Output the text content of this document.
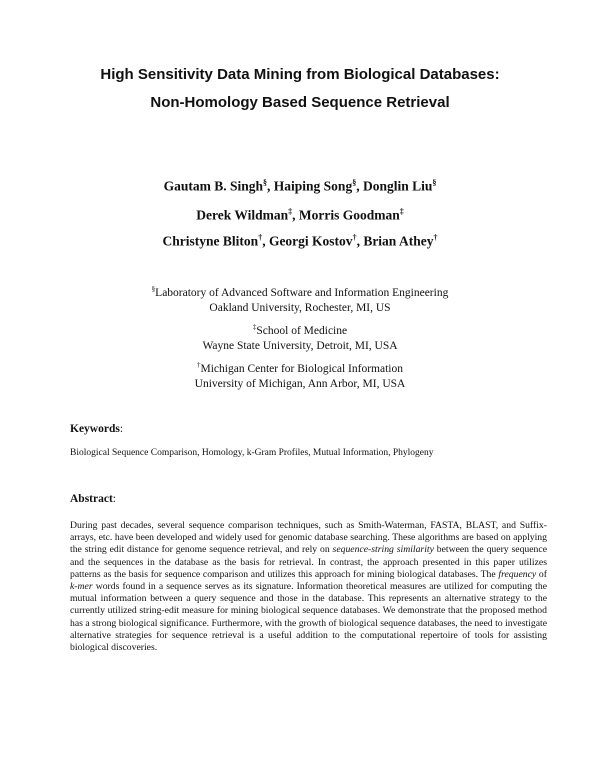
High Sensitivity Data Mining from Biological Databases:
Non-Homology Based Sequence Retrieval
Gautam B. Singh§, Haiping Song§, Donglin Liu§
Derek Wildman‡, Morris Goodman‡
Christyne Bliton†, Georgi Kostov†, Brian Athey†
§Laboratory of Advanced Software and Information Engineering
Oakland University, Rochester, MI, US
‡School of Medicine
Wayne State University, Detroit, MI, USA
†Michigan Center for Biological Information
University of Michigan, Ann Arbor, MI, USA
Keywords:
Biological Sequence Comparison, Homology, k-Gram Profiles, Mutual Information, Phylogeny
Abstract:
During past decades, several sequence comparison techniques, such as Smith-Waterman, FASTA, BLAST, and Suffix-arrays, etc. have been developed and widely used for genomic database searching. These algorithms are based on applying the string edit distance for genome sequence retrieval, and rely on sequence-string similarity between the query sequence and the sequences in the database as the basis for retrieval. In contrast, the approach presented in this paper utilizes patterns as the basis for sequence comparison and utilizes this approach for mining biological databases. The frequency of k-mer words found in a sequence serves as its signature. Information theoretical measures are utilized for computing the mutual information between a query sequence and those in the database. This represents an alternative strategy to the currently utilized string-edit measure for mining biological sequence databases. We demonstrate that the proposed method has a strong biological significance. Furthermore, with the growth of biological sequence databases, the need to investigate alternative strategies for sequence retrieval is a useful addition to the computational repertoire of tools for assisting biological discoveries.
